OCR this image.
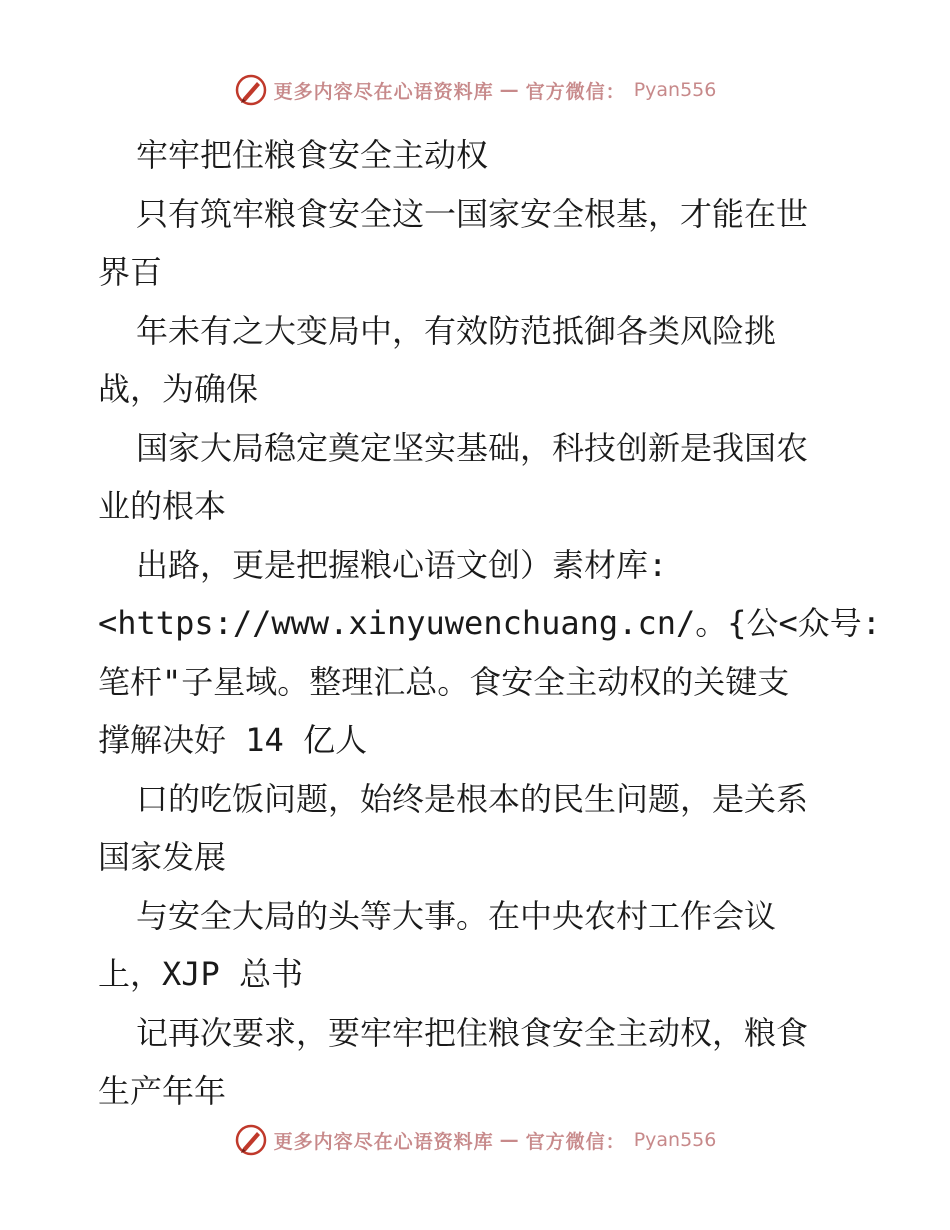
更多内容尽在心语资料库 — 官方微信： Pyan556
牢牢把住粮食安全主动权
只有筑牢粮食安全这一国家安全根基，才能在世
界百
年未有之大变局中，有效防范抵御各类风险挑
战，为确保
国家大局稳定奠定坚实基础，科技创新是我国农
业的根本
出路，更是把握粮心语文创）素材库:
<https://www.xinyuwenchuang.cn/。{公<众号:
笔杆"子星域。整理汇总。食安全主动权的关键支
撑解决好 14 亿人
口的吃饭问题，始终是根本的民生问题，是关系
国家发展
与安全大局的头等大事。在中央农村工作会议
上，XJP 总书
记再次要求，要牢牢把住粮食安全主动权，粮食
生产年年
更多内容尽在心语资料库 — 官方微信： Pyan556
